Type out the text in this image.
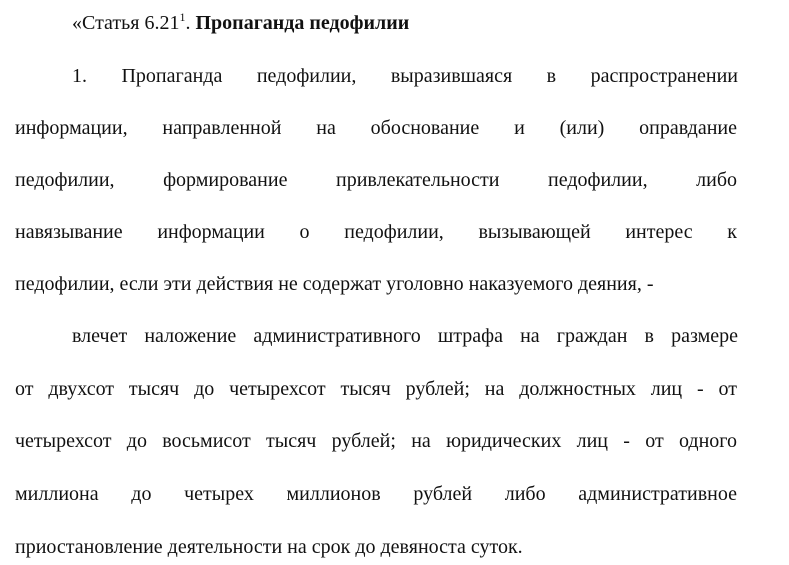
«Статья 6.21$^1$. Пропаганда педофилии
1. Пропаганда педофилии, выразившаяся в распространении
информации, направленной на обоснование и (или) оправдание
педофилии, формирование привлекательности педофилии, либо
навязывание информации о педофилии, вызывающей интерес к
педофилии, если эти действия не содержат уголовно наказуемого деяния, -
влечет наложение административного штрафа на граждан в размере
от двухсот тысяч до четырехсот тысяч рублей; на должностных лиц - от
четырехсот до восьмисот тысяч рублей; на юридических лиц - от одного
миллиона до четырех миллионов рублей либо административное
приостановление деятельности на срок до девяноста суток.
